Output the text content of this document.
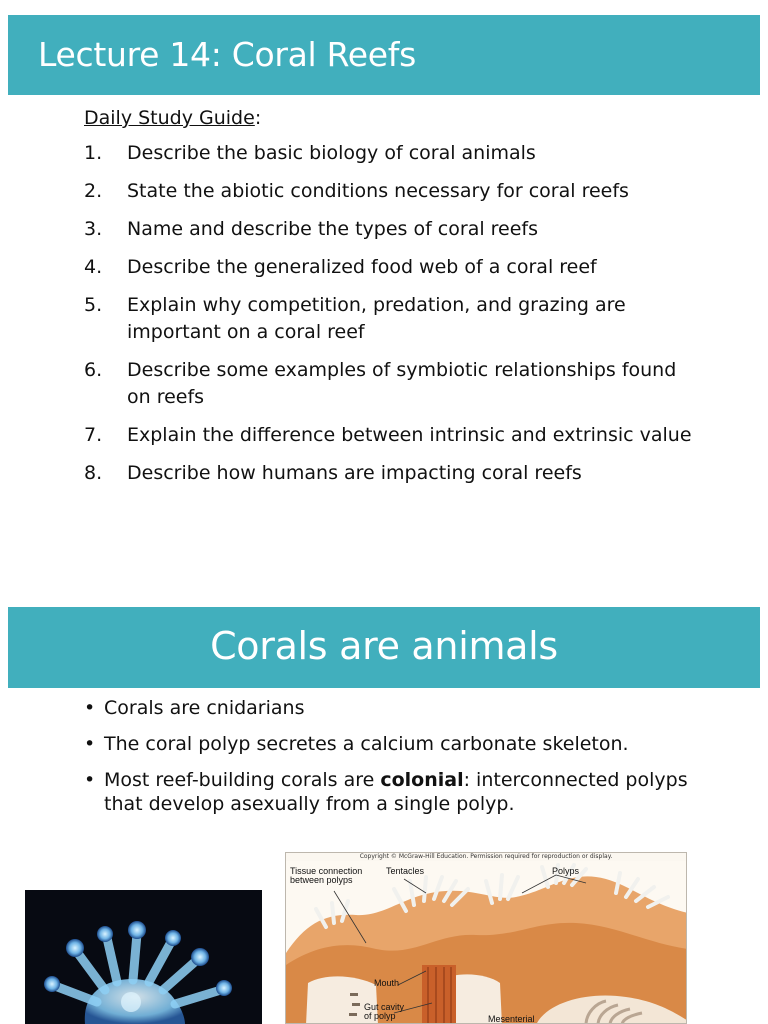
Lecture 14: Coral Reefs
Daily Study Guide:
1.	Describe the basic biology of coral animals
2.	State the abiotic conditions necessary for coral reefs
3.	Name and describe the types of coral reefs
4.	Describe the generalized food web of a coral reef
5.	Explain why competition, predation, and grazing are important on a coral reef
6.	Describe some examples of symbiotic relationships found on reefs
7.	Explain the difference between intrinsic and extrinsic value
8.	Describe how humans are impacting coral reefs
Corals are animals
• Corals are cnidarians
• The coral polyp secretes a calcium carbonate skeleton.
• Most reef-building corals are colonial: interconnected polyps that develop asexually from a single polyp.
Copyright © McGraw-Hill Education. Permission required for reproduction or display.
Tissue connection between polyps
Tentacles	Polyps
Mouth
Gut cavity of polyp	Mesenterial
